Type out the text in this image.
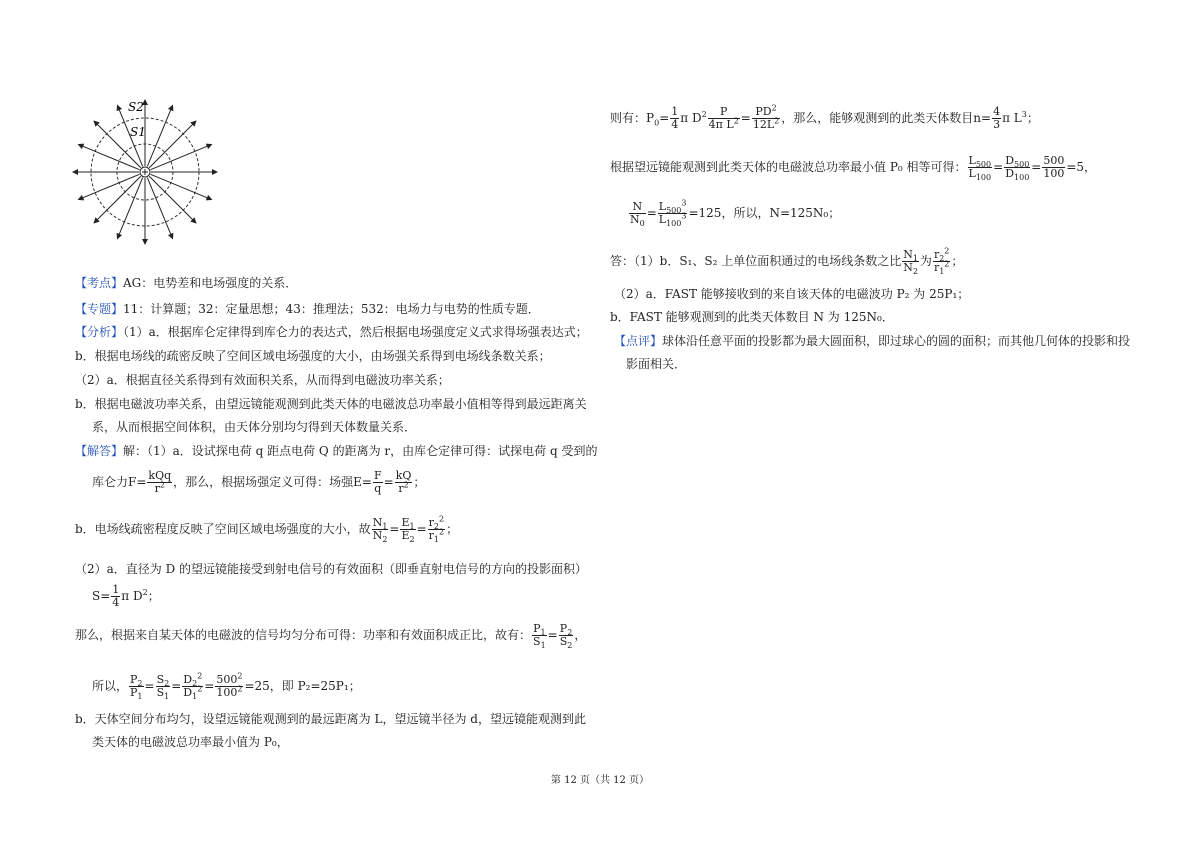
S2
S1
【考点】AG：电势差和电场强度的关系．
【专题】11：计算题；32：定量思想；43：推理法；532：电场力与电势的性质专题．
【分析】（1）a．根据库仑定律得到库仑力的表达式，然后根据电场强度定义式求得场强表达式；
b．根据电场线的疏密反映了空间区域电场强度的大小，由场强关系得到电场线条数关系；
（2）a．根据直径关系得到有效面积关系，从而得到电磁波功率关系；
b．根据电磁波功率关系，由望远镜能观测到此类天体的电磁波总功率最小值相等得到最远距离关
系，从而根据空间体积，由天体分别均匀得到天体数量关系．
【解答】解：（1）a．设试探电荷 q 距点电荷 Q 的距离为 r，由库仑定律可得：试探电荷 q 受到的
库仑力$F= \frac{\text{kQq}}{r^2}$ ，那么，根据场强定义可得：场强$E= \frac{F}{q} = \frac{kQ}{r^2}$ ；
b．电场线疏密程度反映了空间区域电场强度的大小，故 $\frac{N_1}{N_2} = \frac{E_1}{E_2} = \frac{r_2^2}{r_1^2}$ ；
（2）a．直径为 D 的望远镜能接受到射电信号的有效面积（即垂直射电信号的方向的投影面积）
$S= \frac{1}{4}$ π $D^2$；
那么，根据来自某天体的电磁波的信号均匀分布可得：功率和有效面积成正比，故有： $\frac{P_1}{S_1} = \frac{P_2}{S_2}$ ，
所以， $\frac{P_2}{P_1} = \frac{S_2}{S_1} = \frac{D_2^2}{D_1^2} = \frac{500^2}{100^2} =25$，即 P₂=25P₁；
b．天体空间分布均匀，设望远镜能观测到的最远距离为 L，望远镜半径为 d，望远镜能观测到此
类天体的电磁波总功率最小值为 P₀，
则有：$P_0= \frac{1}{4}$ π $D^2 \frac{P}{4\pi L^2} = \frac{PD^2}{12L^2}$ ，那么，能够观测到的此类天体数目$n= \frac{4}{3}$ π $L^3$；
根据望远镜能观测到此类天体的电磁波总功率最小值 P₀ 相等可得： $\frac{L_{500}}{L_{100}} = \frac{D_{500}}{D_{100}} = \frac{500}{100} =5$，
$\frac{N}{N_0} = \frac{L_{500}^3}{L_{100}^3} =125$，所以，N=125N₀；
答：（1）b．S₁、S₂ 上单位面积通过的电场线条数之比 $\frac{N_1}{N_2}$ 为 $\frac{r_2^2}{r_1^2}$ ；
（2）a．FAST 能够接收到的来自该天体的电磁波功 P₂ 为 25P₁；
b．FAST 能够观测到的此类天体数目 N 为 125N₀．
【点评】球体沿任意平面的投影都为最大圆面积，即过球心的圆的面积；而其他几何体的投影和投
影面相关．
第 12 页（共 12 页）
